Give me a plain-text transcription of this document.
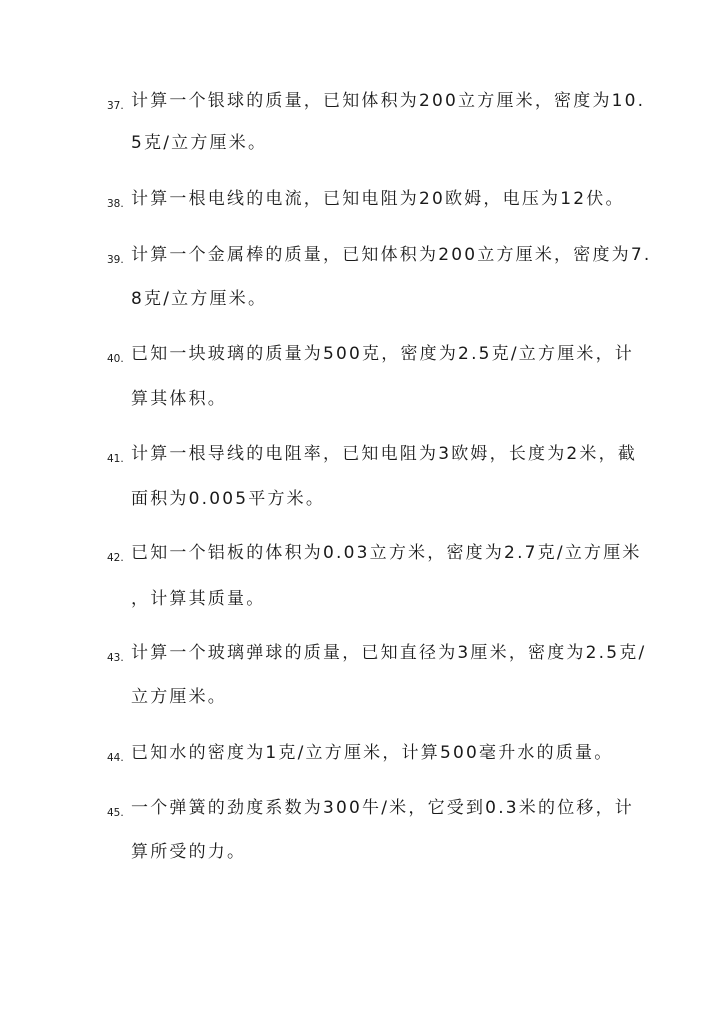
37. 计算一个银球的质量，已知体积为200立方厘米，密度为10.
5克/立方厘米。
38. 计算一根电线的电流，已知电阻为20欧姆，电压为12伏。
39. 计算一个金属棒的质量，已知体积为200立方厘米，密度为7.
8克/立方厘米。
40. 已知一块玻璃的质量为500克，密度为2.5克/立方厘米，计
算其体积。
41. 计算一根导线的电阻率，已知电阻为3欧姆，长度为2米，截
面积为0.005平方米。
42. 已知一个铝板的体积为0.03立方米，密度为2.7克/立方厘米
，计算其质量。
43. 计算一个玻璃弹球的质量，已知直径为3厘米，密度为2.5克/
立方厘米。
44. 已知水的密度为1克/立方厘米，计算500毫升水的质量。
45. 一个弹簧的劲度系数为300牛/米，它受到0.3米的位移，计
算所受的力。
